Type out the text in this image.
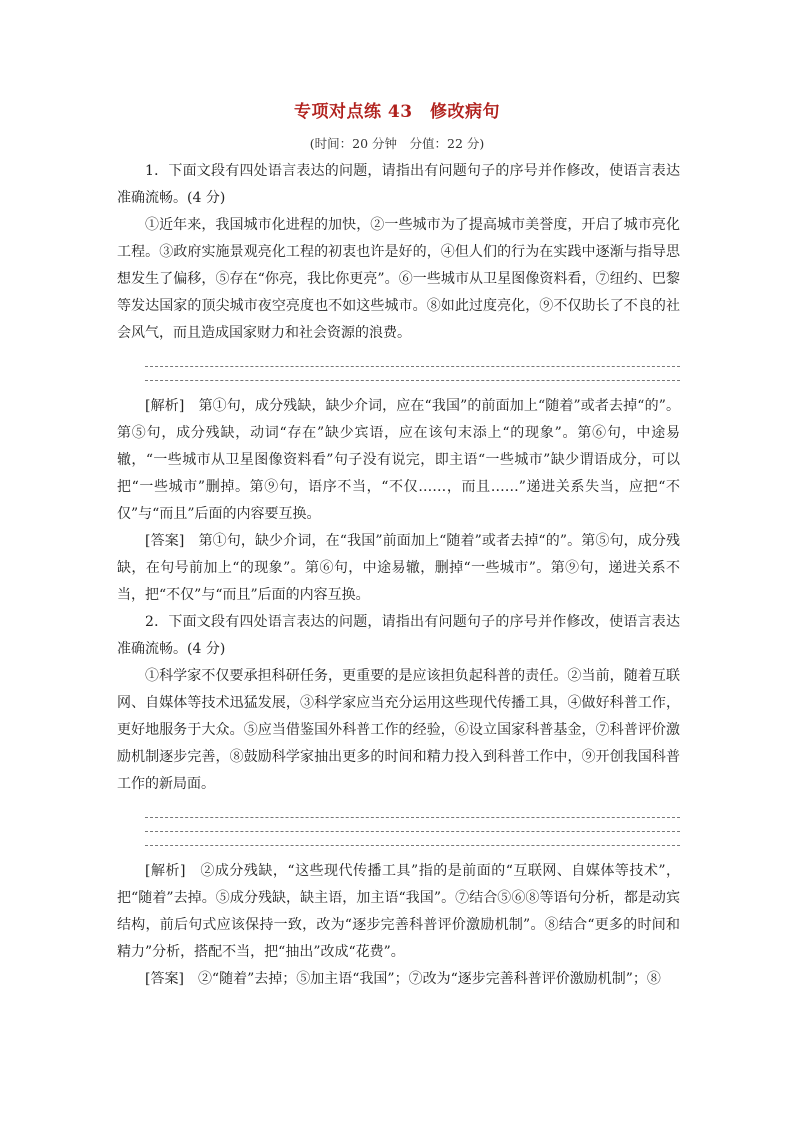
专项对点练 43　修改病句
(时间：20 分钟　分值：22 分)

1．下面文段有四处语言表达的问题，请指出有问题句子的序号并作修改，使语言表达准确流畅。(4 分)

①近年来，我国城市化进程的加快，②一些城市为了提高城市美誉度，开启了城市亮化工程。③政府实施景观亮化工程的初衷也许是好的，④但人们的行为在实践中逐渐与指导思想发生了偏移，⑤存在“你亮，我比你更亮”。⑥一些城市从卫星图像资料看，⑦纽约、巴黎等发达国家的顶尖城市夜空亮度也不如这些城市。⑧如此过度亮化，⑨不仅助长了不良的社会风气，而且造成国家财力和社会资源的浪费。

[解析]　 第①句，成分残缺，缺少介词，应在“我国”的前面加上“随着”或者去掉“的”。第⑤句，成分残缺，动词“存在”缺少宾语，应在该句末添上“的现象”。第⑥句，中途易辙，“一些城市从卫星图像资料看”句子没有说完，即主语“一些城市”缺少谓语成分，可以把“一些城市”删掉。第⑨句，语序不当，“不仅……，而且……”递进关系失当，应把“不仅”与“而且”后面的内容要互换。

[答案]　 第①句，缺少介词，在“我国”前面加上“随着”或者去掉“的”。第⑤句，成分残缺，在句号前加上“的现象”。第⑥句，中途易辙，删掉“一些城市”。第⑨句，递进关系不当，把“不仅”与“而且”后面的内容互换。

2．下面文段有四处语言表达的问题，请指出有问题句子的序号并作修改，使语言表达准确流畅。(4 分)

①科学家不仅要承担科研任务，更重要的是应该担负起科普的责任。②当前，随着互联网、自媒体等技术迅猛发展，③科学家应当充分运用这些现代传播工具，④做好科普工作，更好地服务于大众。⑤应当借鉴国外科普工作的经验，⑥设立国家科普基金，⑦科普评价激励机制逐步完善，⑧鼓励科学家抽出更多的时间和精力投入到科普工作中，⑨开创我国科普工作的新局面。

[解析]　 ②成分残缺，“这些现代传播工具”指的是前面的“互联网、自媒体等技术”，把“随着”去掉。⑤成分残缺，缺主语，加主语“我国”。⑦结合⑤⑥⑧等语句分析，都是动宾结构，前后句式应该保持一致，改为“逐步完善科普评价激励机制”。⑧结合“更多的时间和精力”分析，搭配不当，把“抽出”改成“花费”。

[答案]　 ②“随着”去掉；⑤加主语“我国”；⑦改为“逐步完善科普评价激励机制”；⑧
